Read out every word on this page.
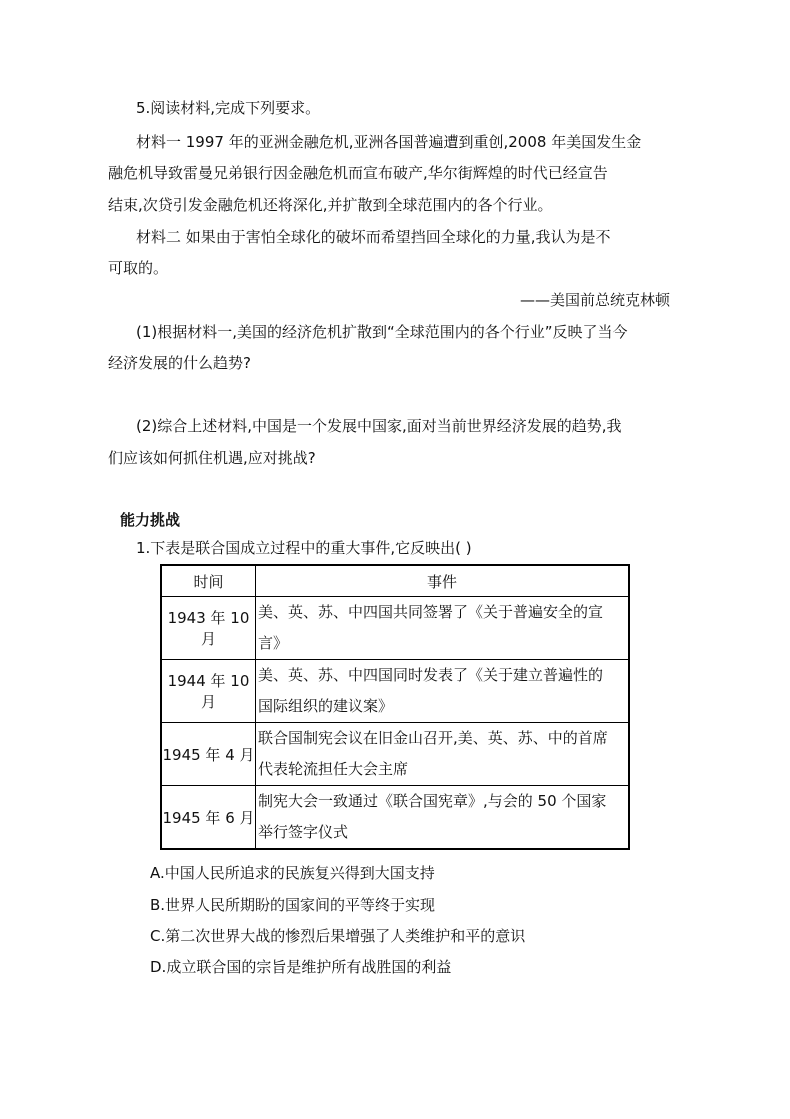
5.阅读材料,完成下列要求。
材料一 1997 年的亚洲金融危机,亚洲各国普遍遭到重创,2008 年美国发生金
融危机导致雷曼兄弟银行因金融危机而宣布破产,华尔街辉煌的时代已经宣告
结束,次贷引发金融危机还将深化,并扩散到全球范围内的各个行业。
材料二 如果由于害怕全球化的破坏而希望挡回全球化的力量,我认为是不
可取的。
——美国前总统克林顿
(1)根据材料一,美国的经济危机扩散到“全球范围内的各个行业”反映了当今
经济发展的什么趋势?
(2)综合上述材料,中国是一个发展中国家,面对当前世界经济发展的趋势,我
们应该如何抓住机遇,应对挑战?
能力挑战
1.下表是联合国成立过程中的重大事件,它反映出( )
时间	事件
1943 年 10 月	美、英、苏、中四国共同签署了《关于普遍安全的宣
言》

1944 年 10 月	美、英、苏、中四国同时发表了《关于建立普遍性的
国际组织的建议案》

1945 年 4 月	联合国制宪会议在旧金山召开,美、英、苏、中的首席
代表轮流担任大会主席

1945 年 6 月	制宪大会一致通过《联合国宪章》,与会的 50 个国家
举行签字仪式
A.中国人民所追求的民族复兴得到大国支持
B.世界人民所期盼的国家间的平等终于实现
C.第二次世界大战的惨烈后果增强了人类维护和平的意识
D.成立联合国的宗旨是维护所有战胜国的利益
